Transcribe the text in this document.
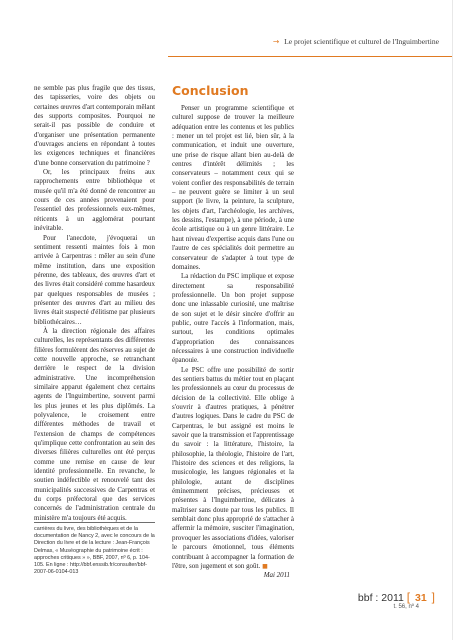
→ Le projet scientifique et culturel de l'Inguimbertine

ne semble pas plus fragile que des tissus, des tapisseries, voire des objets ou certaines œuvres d'art contemporain mêlant des supports composites. Pourquoi ne serait-il pas possible de conduire et d'organiser une présentation permanente d'ouvrages anciens en répondant à toutes les exigences techniques et financières d'une bonne conservation du patrimoine ?

Or, les principaux freins aux rapprochements entre bibliothèque et musée qu'il m'a été donné de rencontrer au cours de ces années provenaient pour l'essentiel des professionnels eux-mêmes, réticents à un agglomérat pourtant inévitable.

Pour l'anecdote, j'évoquerai un sentiment ressenti maintes fois à mon arrivée à Carpentras : mêler au sein d'une même institution, dans une exposition pérenne, des tableaux, des œuvres d'art et des livres était considéré comme hasardeux par quelques responsables de musées ; présenter des œuvres d'art au milieu des livres était suspecté d'élitisme par plusieurs bibliothécaires…

À la direction régionale des affaires culturelles, les représentants des différentes filières formulèrent des réserves au sujet de cette nouvelle approche, se retranchant derrière le respect de la division administrative. Une incompréhension similaire apparut également chez certains agents de l'Inguimbertine, souvent parmi les plus jeunes et les plus diplômés. La polyvalence, le croisement entre différentes méthodes de travail et l'extension de champs de compétences qu'implique cette confrontation au sein des diverses filières culturelles ont été perçus comme une remise en cause de leur identité professionnelle. En revanche, le soutien indéfectible et renouvelé tant des municipalités successives de Carpentras et du corps préfectoral que des services concernés de l'administration centrale du ministère m'a toujours été acquis.

carrières du livre, des bibliothèques et de la documentation de Nancy 2, avec le concours de la Direction du livre et de la lecture : Jean-François Delmas, « Muséographie du patrimoine écrit : approches critiques » », BBF, 2007, nº 6, p. 104-105. En ligne : http://bbf.enssib.fr/consulter/bbf-2007-06-0104-013

Conclusion

Penser un programme scientifique et culturel suppose de trouver la meilleure adéquation entre les contenus et les publics : mener un tel projet est lié, bien sûr, à la communication, et induit une ouverture, une prise de risque allant bien au-delà de centres d'intérêt délimités ; les conservateurs – notamment ceux qui se voient confier des responsabilités de terrain – ne peuvent guère se limiter à un seul support (le livre, la peinture, la sculpture, les objets d'art, l'archéologie, les archives, les dessins, l'estampe), à une période, à une école artistique ou à un genre littéraire. Le haut niveau d'expertise acquis dans l'une ou l'autre de ces spécialités doit permettre au conservateur de s'adapter à tout type de domaines.

La rédaction du PSC implique et expose directement sa responsabilité professionnelle. Un bon projet suppose donc une inlassable curiosité, une maîtrise de son sujet et le désir sincère d'offrir au public, outre l'accès à l'information, mais, surtout, les conditions optimales d'appropriation des connaissances nécessaires à une construction individuelle épanouie.

Le PSC offre une possibilité de sortir des sentiers battus du métier tout en plaçant les professionnels au cœur du processus de décision de la collectivité. Elle oblige à s'ouvrir à d'autres pratiques, à pénétrer d'autres logiques. Dans le cadre du PSC de Carpentras, le but assigné est moins le savoir que la transmission et l'apprentissage du savoir : la littérature, l'histoire, la philosophie, la théologie, l'histoire de l'art, l'histoire des sciences et des religions, la musicologie, les langues régionales et la philologie, autant de disciplines éminemment précises, précieuses et présentes à l'Inguimbertine, délicates à maîtriser sans doute par tous les publics. Il semblait donc plus approprié de s'attacher à affermir la mémoire, susciter l'imagination, provoquer les associations d'idées, valoriser le parcours émotionnel, tous éléments contribuant à accompagner la formation de l'être, son jugement et son goût. ■

Mai 2011

bbf : 2011 [ 31 ]
t. 56, nº 4
